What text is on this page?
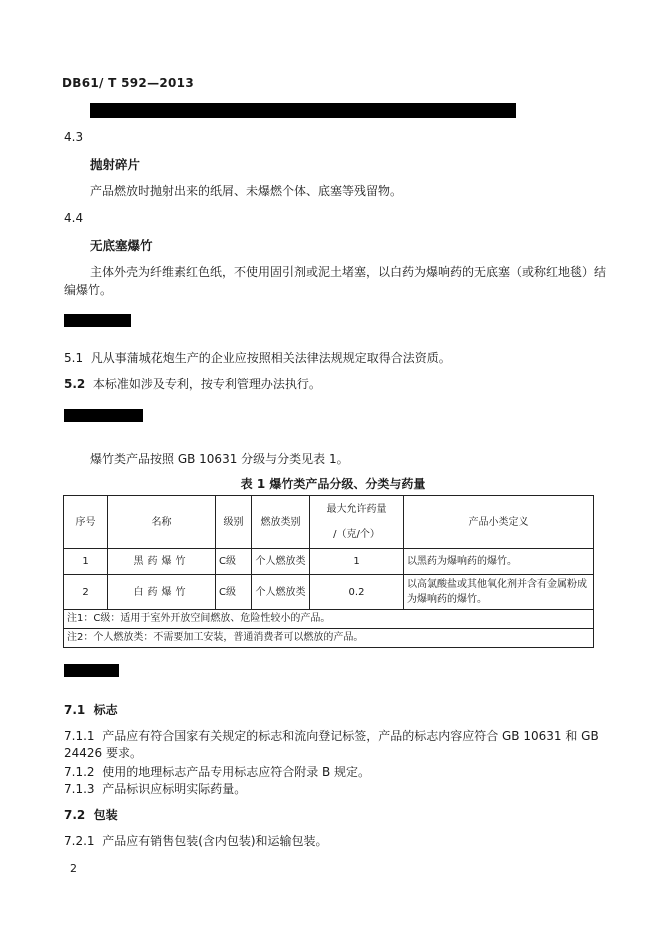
DB61/ T 592—2013
4.3
抛射碎片
产品燃放时抛射出来的纸屑、未爆燃个体、底塞等残留物。
4.4
无底塞爆竹
主体外壳为纤维素红色纸，不使用固引剂或泥土堵塞，以白药为爆响药的无底塞（或称红地毯）结
编爆竹。
5.1 凡从事蒲城花炮生产的企业应按照相关法律法规规定取得合法资质。
5.2 本标准如涉及专利，按专利管理办法执行。
爆竹类产品按照 GB 10631 分级与分类见表 1。
表 1 爆竹类产品分级、分类与药量
序号	名称	级别	燃放类别	最大允许药量
/（克/个）	产品小类定义
1	黑药爆竹	C级	个人燃放类	1	以黑药为爆响药的爆竹。
2	白药爆竹	C级	个人燃放类	0.2	以高氯酸盐或其他氧化剂并含有金属粉成
为爆响药的爆竹。

注1：C级：适用于室外开放空间燃放、危险性较小的产品。					
注2：个人燃放类：不需要加工安装，普通消费者可以燃放的产品。					
7.1 标志
7.1.1 产品应有符合国家有关规定的标志和流向登记标签，产品的标志内容应符合 GB 10631 和 GB
24426 要求。
7.1.2 使用的地理标志产品专用标志应符合附录 B 规定。
7.1.3 产品标识应标明实际药量。
7.2 包装
7.2.1 产品应有销售包装(含内包装)和运输包装。
2
